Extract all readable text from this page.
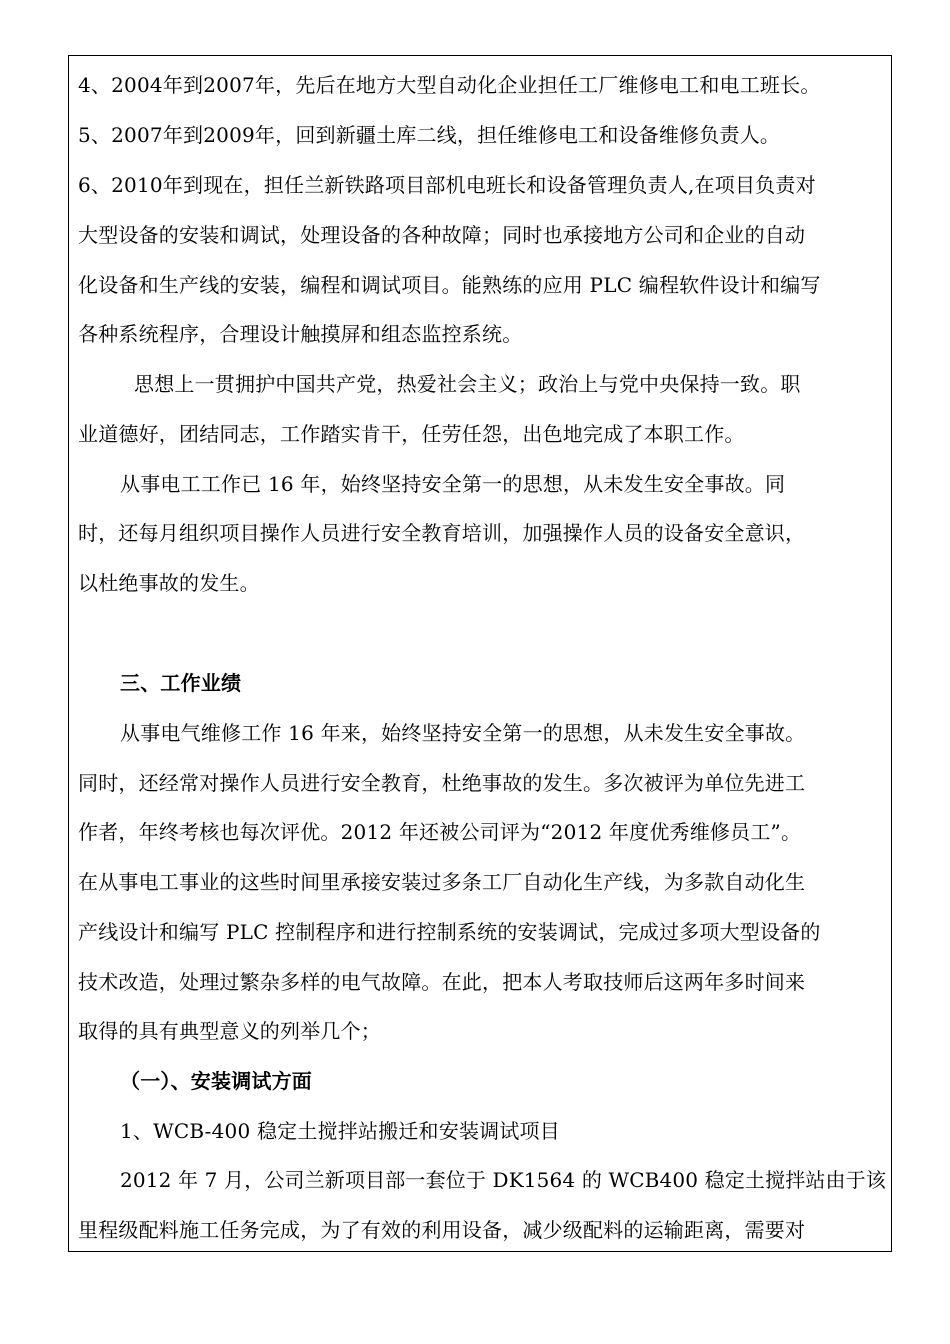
4、2004年到2007年，先后在地方大型自动化企业担任工厂维修电工和电工班长。
5、2007年到2009年，回到新疆土库二线，担任维修电工和设备维修负责人。
6、2010年到现在，担任兰新铁路项目部机电班长和设备管理负责人,在项目负责对
大型设备的安装和调试，处理设备的各种故障；同时也承接地方公司和企业的自动
化设备和生产线的安装，编程和调试项目。能熟练的应用 PLC 编程软件设计和编写
各种系统程序，合理设计触摸屏和组态监控系统。
思想上一贯拥护中国共产党，热爱社会主义；政治上与党中央保持一致。职
业道德好，团结同志，工作踏实肯干，任劳任怨，出色地完成了本职工作。
从事电工工作已 16 年，始终坚持安全第一的思想，从未发生安全事故。同
时，还每月组织项目操作人员进行安全教育培训，加强操作人员的设备安全意识，
以杜绝事故的发生。
三、工作业绩
从事电气维修工作 16 年来，始终坚持安全第一的思想，从未发生安全事故。
同时，还经常对操作人员进行安全教育，杜绝事故的发生。多次被评为单位先进工
作者，年终考核也每次评优。2012 年还被公司评为“2012 年度优秀维修员工”。
在从事电工事业的这些时间里承接安装过多条工厂自动化生产线，为多款自动化生
产线设计和编写 PLC 控制程序和进行控制系统的安装调试，完成过多项大型设备的
技术改造，处理过繁杂多样的电气故障。在此，把本人考取技师后这两年多时间来
取得的具有典型意义的列举几个；
（一）、安装调试方面
1、WCB-400 稳定土搅拌站搬迁和安装调试项目
2012 年 7 月，公司兰新项目部一套位于 DK1564 的 WCB400 稳定土搅拌站由于该
里程级配料施工任务完成，为了有效的利用设备，减少级配料的运输距离，需要对
